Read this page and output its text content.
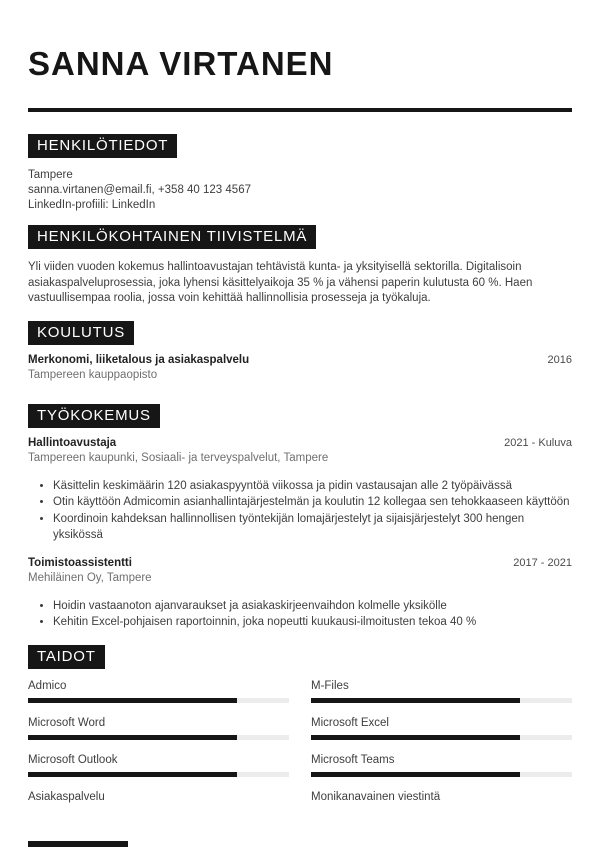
SANNA VIRTANEN
HENKILÖTIEDOT
Tampere
sanna.virtanen@email.fi, +358 40 123 4567
LinkedIn-profiili: LinkedIn
HENKILÖKOHTAINEN TIIVISTELMÄ

Yli viiden vuoden kokemus hallintoavustajan tehtävistä kunta- ja yksityisellä sektorilla. Digitalisoin asiakaspalveluprosessia, joka lyhensi käsittelyaikoja 35 % ja vähensi paperin kulutusta 60 %. Haen vastuullisempaa roolia, jossa voin kehittää hallinnollisia prosesseja ja työkaluja.

KOULUTUS
Merkonomi, liiketalous ja asiakaspalvelu	2016
Tampereen kauppaopisto
TYÖKOKEMUS
Hallintoavustaja	2021 - Kuluva
Tampereen kaupunki, Sosiaali- ja terveyspalvelut, Tampere
• Käsittelin keskimäärin 120 asiakaspyyntöä viikossa ja pidin vastausajan alle 2 työpäivässä
• Otin käyttöön Admicomin asianhallintajärjestelmän ja koulutin 12 kollegaa sen tehokkaaseen käyttöön
• Koordinoin kahdeksan hallinnollisen työntekijän lomajärjestelyt ja sijaisjärjestelyt 300 hengen yksikössä
Toimistoassistentti	2017 - 2021
Mehiläinen Oy, Tampere
• Hoidin vastaanoton ajanvaraukset ja asiakaskirjeenvaihdon kolmelle yksikölle
• Kehitin Excel-pohjaisen raportoinnin, joka nopeutti kuukausi-ilmoitusten tekoa 40 %
TAIDOT
Admico	M-Files
Microsoft Word	Microsoft Excel
Microsoft Outlook	Microsoft Teams
Asiakaspalvelu	Monikanavainen viestintä
